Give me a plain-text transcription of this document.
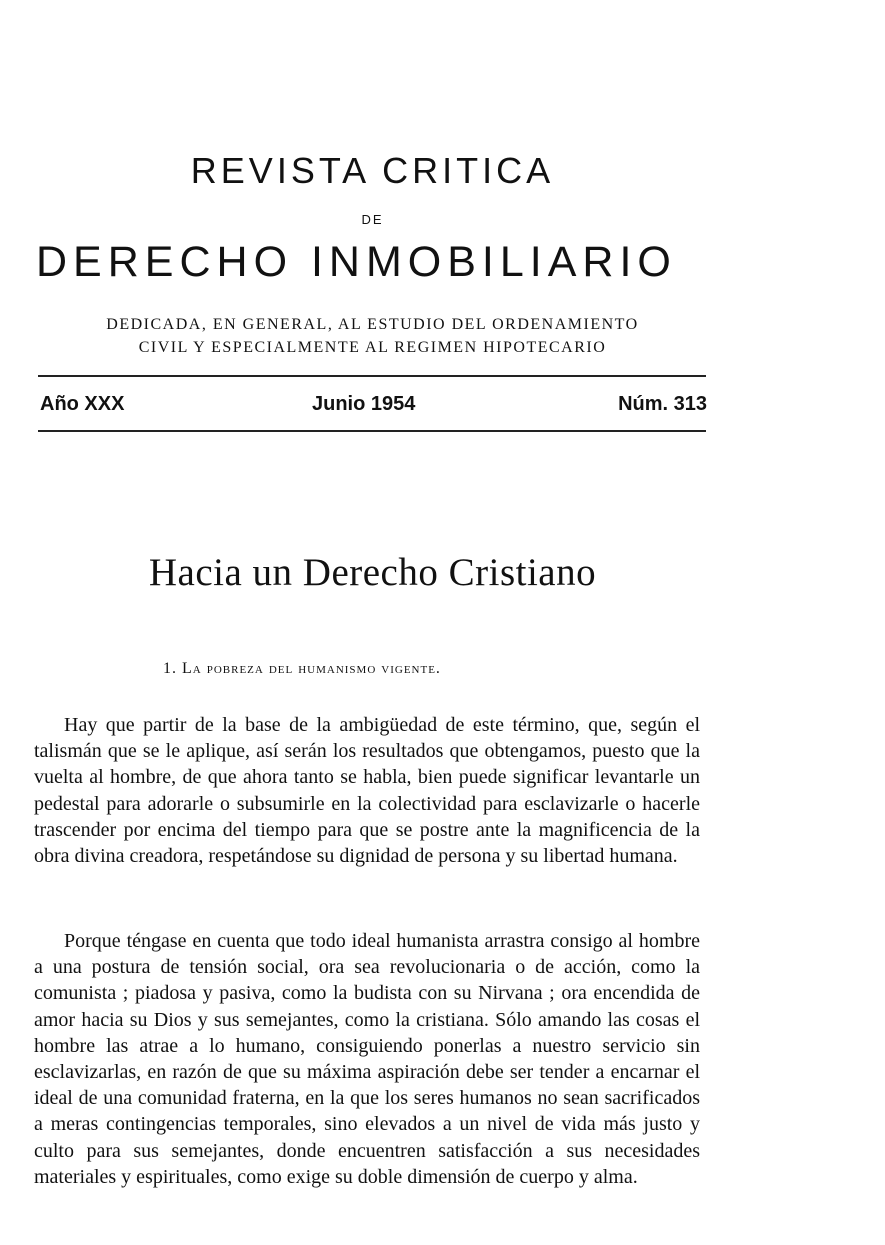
REVISTA CRITICA
DE
DERECHO INMOBILIARIO
DEDICADA, EN GENERAL, AL ESTUDIO DEL ORDENAMIENTO
CIVIL Y ESPECIALMENTE AL REGIMEN HIPOTECARIO
Año XXX	Junio 1954	Núm. 313
Hacia un Derecho Cristiano
1. La pobreza del humanismo vigente.

Hay que partir de la base de la ambigüedad de este término, que, según el talismán que se le aplique, así serán los resultados que obtengamos, puesto que la vuelta al hombre, de que ahora tanto se habla, bien puede significar levantarle un pedestal para adorarle o subsumirle en la colectividad para esclavizarle o hacerle trascender por encima del tiempo para que se postre ante la magnificencia de la obra divina creadora, respetándose su dignidad de persona y su libertad humana.

Porque téngase en cuenta que todo ideal humanista arrastra consigo al hombre a una postura de tensión social, ora sea revolucionaria o de acción, como la comunista ; piadosa y pasiva, como la budista con su Nirvana ; ora encendida de amor hacia su Dios y sus semejantes, como la cristiana. Sólo amando las cosas el hombre las atrae a lo humano, consiguiendo ponerlas a nuestro servicio sin esclavizarlas, en razón de que su máxima aspiración debe ser tender a encarnar el ideal de una comunidad fraterna, en la que los seres humanos no sean sacrificados a meras contingencias temporales, sino elevados a un nivel de vida más justo y culto para sus semejantes, donde encuentren satisfacción a sus necesidades materiales y espirituales, como exige su doble dimensión de cuerpo y alma.
